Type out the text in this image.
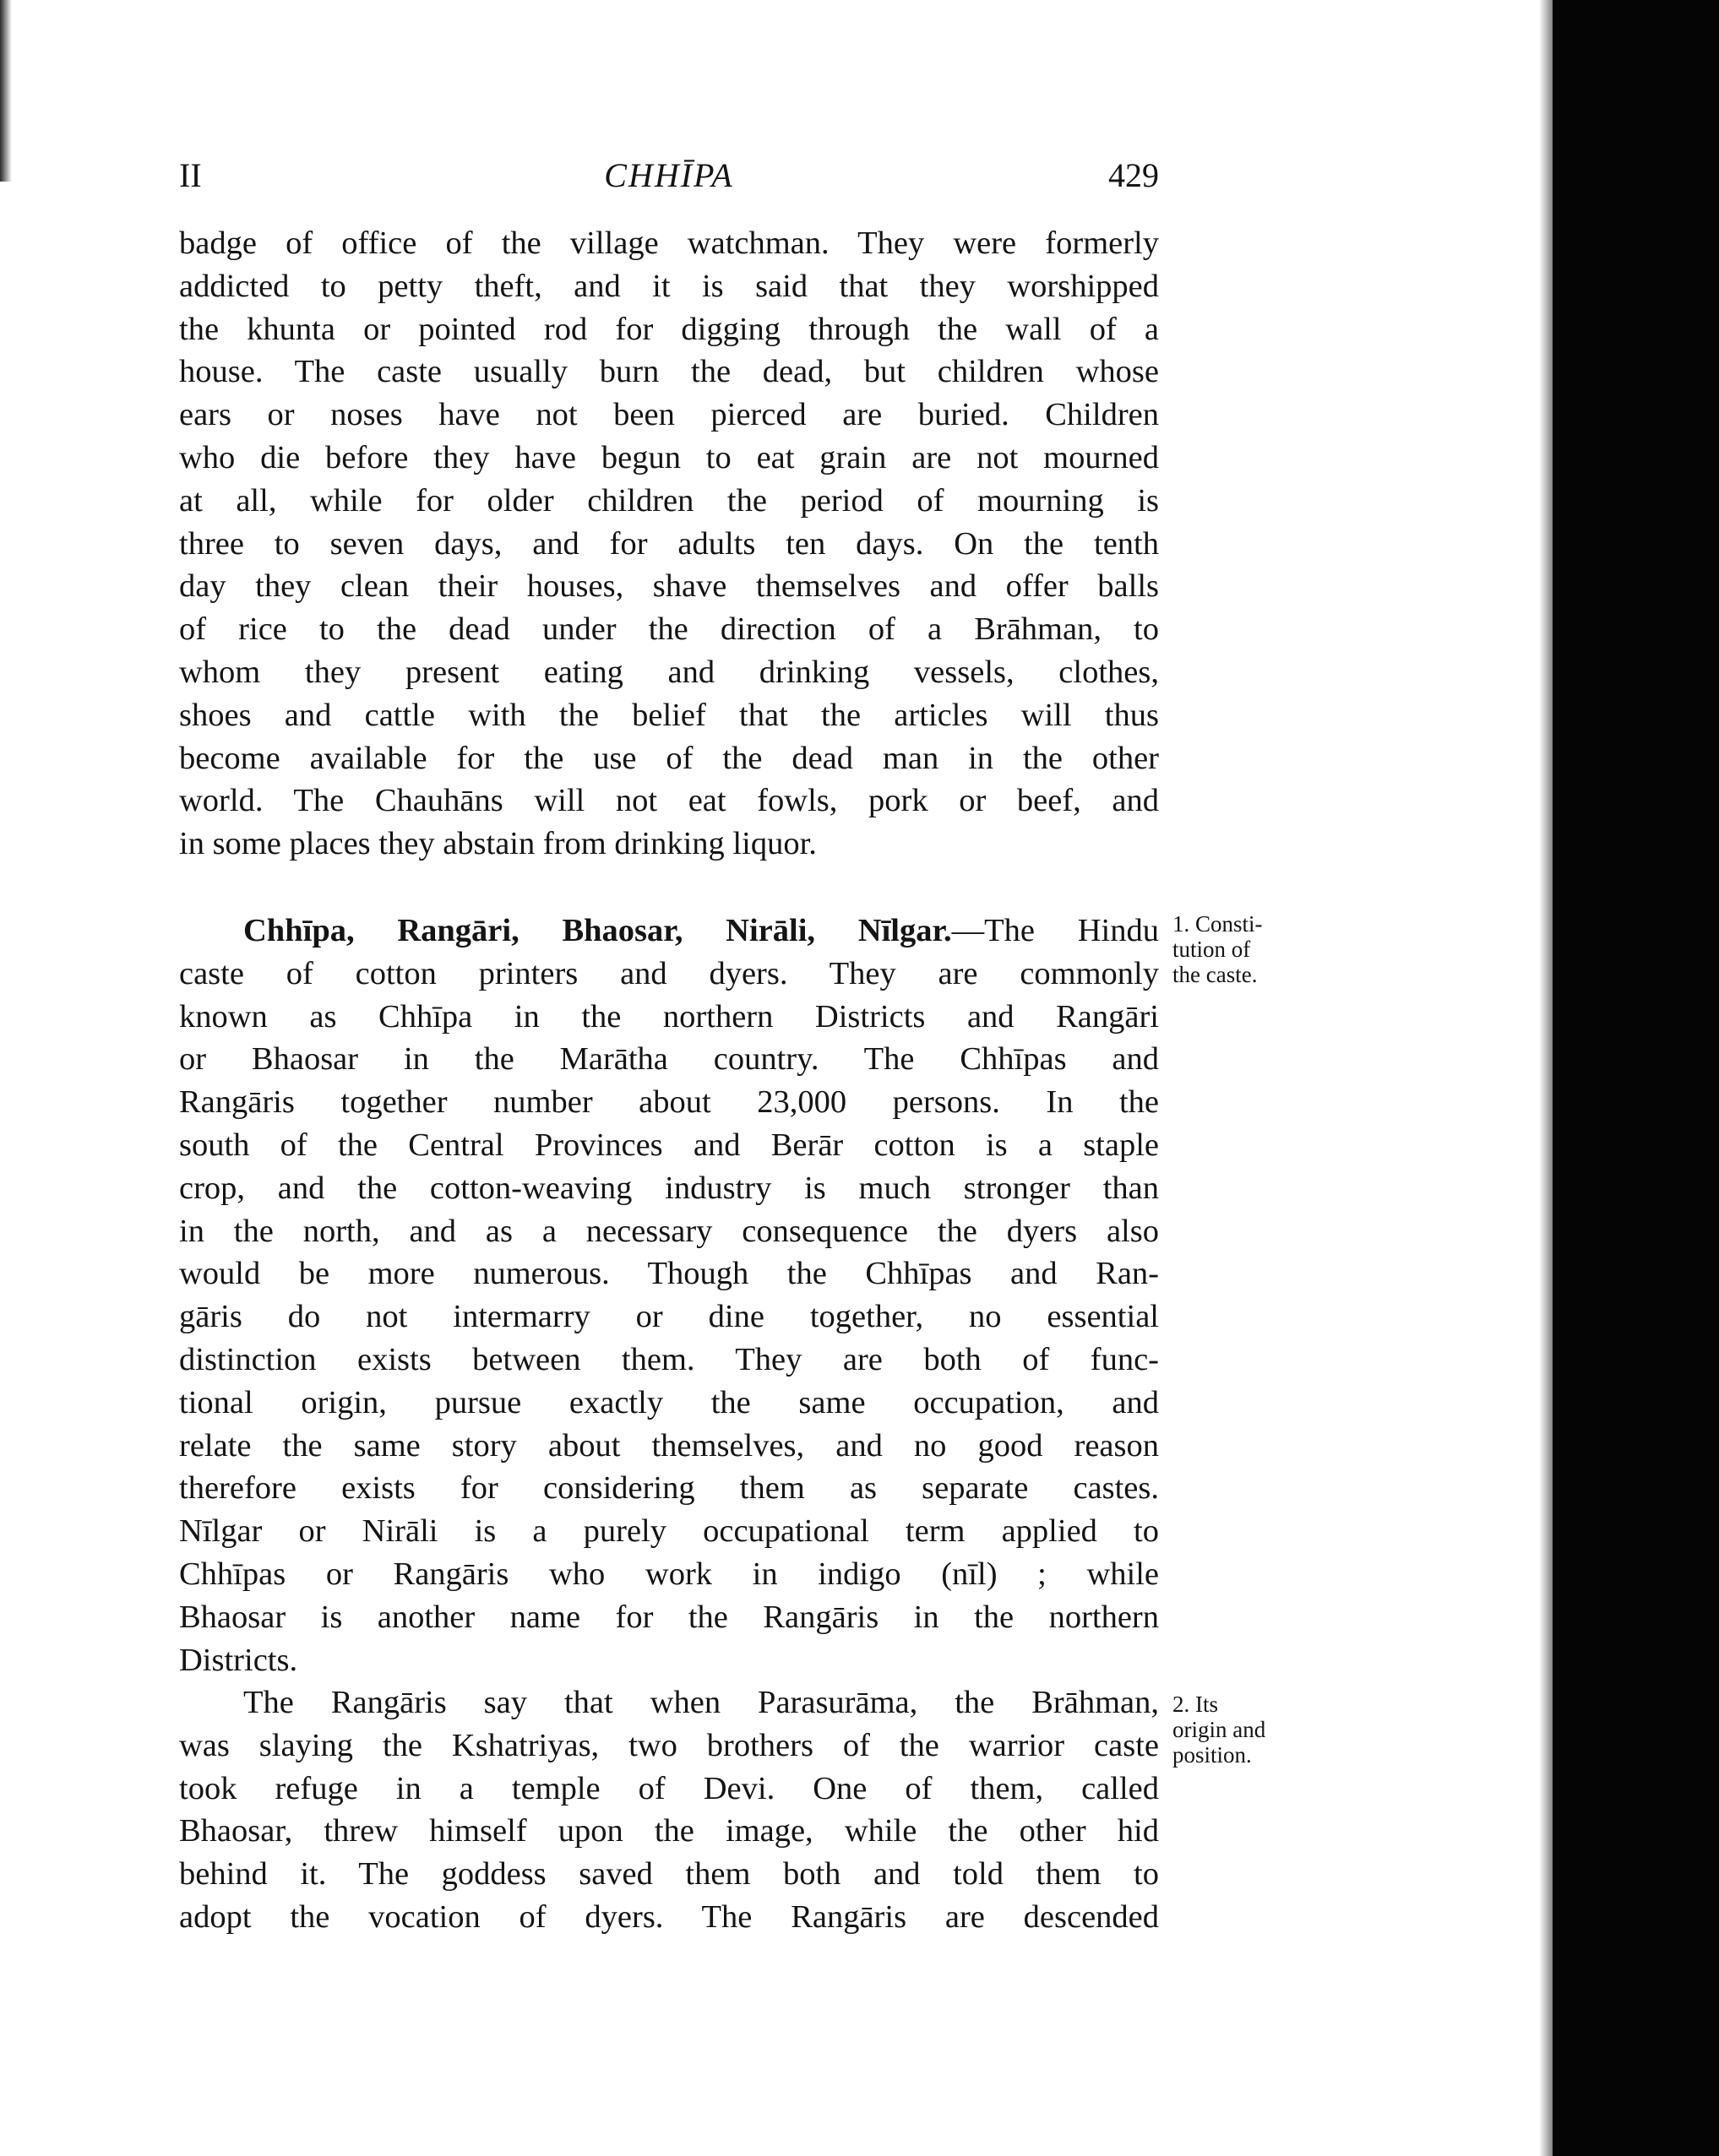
II	CHHĪPA	429
badge of office of the village watchman. They were formerly
addicted to petty theft, and it is said that they worshipped
the khunta or pointed rod for digging through the wall of a
house. The caste usually burn the dead, but children whose
ears or noses have not been pierced are buried. Children
who die before they have begun to eat grain are not mourned
at all, while for older children the period of mourning is
three to seven days, and for adults ten days. On the tenth
day they clean their houses, shave themselves and offer balls
of rice to the dead under the direction of a Brāhman, to
whom they present eating and drinking vessels, clothes,
shoes and cattle with the belief that the articles will thus
become available for the use of the dead man in the other
world. The Chauhāns will not eat fowls, pork or beef, and
in some places they abstain from drinking liquor.
Chhīpa, Rangāri, Bhaosar, Nirāli, Nīlgar.—The Hindu
caste of cotton printers and dyers. They are commonly
known as Chhīpa in the northern Districts and Rangāri
or Bhaosar in the Marātha country. The Chhīpas and
Rangāris together number about 23,000 persons. In the
south of the Central Provinces and Berār cotton is a staple
crop, and the cotton-weaving industry is much stronger than
in the north, and as a necessary consequence the dyers also
would be more numerous. Though the Chhīpas and Ran-
gāris do not intermarry or dine together, no essential
distinction exists between them. They are both of func-
tional origin, pursue exactly the same occupation, and
relate the same story about themselves, and no good reason
therefore exists for considering them as separate castes.
Nīlgar or Nirāli is a purely occupational term applied to
Chhīpas or Rangāris who work in indigo (nīl) ; while
Bhaosar is another name for the Rangāris in the northern
Districts.
The Rangāris say that when Parasurāma, the Brāhman,
was slaying the Kshatriyas, two brothers of the warrior caste
took refuge in a temple of Devi. One of them, called
Bhaosar, threw himself upon the image, while the other hid
behind it. The goddess saved them both and told them to
adopt the vocation of dyers. The Rangāris are descended
1. Consti-
tution of
the caste.
2. Its
origin and
position.
